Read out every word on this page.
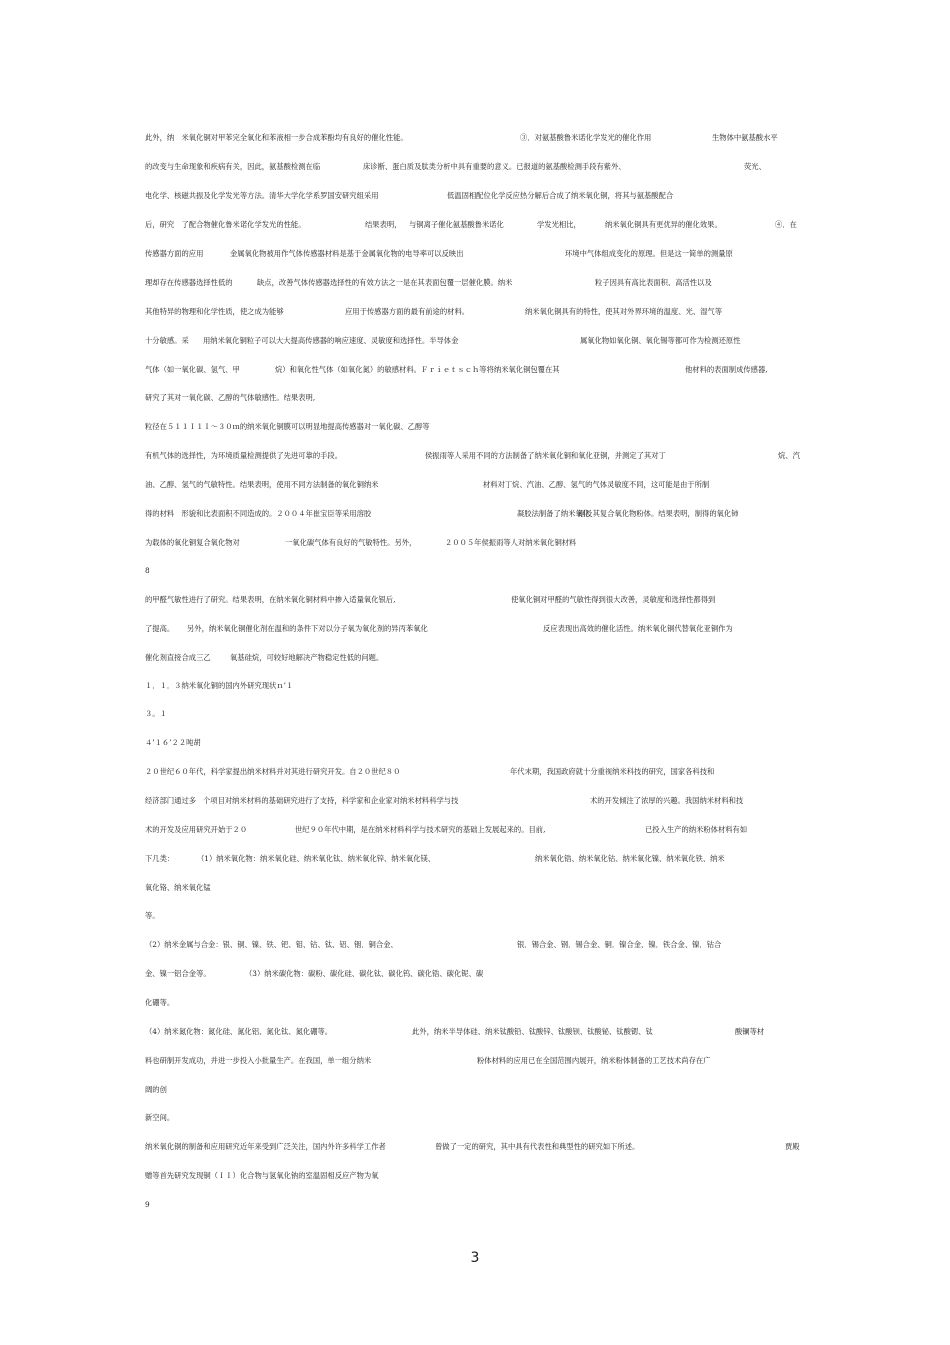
此外，纳　米氧化铜对甲苯完全氧化和苯液相一步合成苯酚均有良好的催化性能。	③．对氨基酸鲁米诺化学发光的催化作用	生物体中氨基酸水平
的改变与生命现象和疾病有关，因此，氨基酸检测在临	床诊断、蛋白质及肽类分析中具有重要的意义。已报道的氨基酸检测手段有紫外、	荧光、
电化学、核磁共振及化学发光等方法。清华大学化学系罗国安研究组采用	低温固相配位化学反应热分解后合成了纳米氧化铜，将其与氨基酸配合
后，研究　了配合物催化鲁米诺化学发光的性能。	结果表明， 与铜离子催化氨基酸鲁米诺化	学发光相比，	纳米氧化铜具有更优异的催化效果。	④．在
传感器方面的应用	金属氧化物被用作气体传感器材料是基于金属氧化物的电导率可以反映出	环境中气体组成变化的原理。但是这一简单的测量原
理却存在传感器选择性低的	缺点，改善气体传感器选择性的有效方法之一是在其表面包覆一层催化膜。纳米	粒子因具有高比表面积、高活性以及
其他特异的物理和化学性质，使之成为能够	应用于传感器方面的最有前途的材料。	纳米氧化铜具有的特性，使其对外界环境的温度、光、湿气等
十分敏感。采 用纳米氧化铜粒子可以大大提高传感器的响应速度、灵敏度和选择性。半导体金	属氧化物如氧化铜、氧化锡等都可作为检测还原性
气体（如一氧化碳、氢气、甲	烷）和氧化性气体（如氧化氮）的敏感材料。Ｆｒｉｅｔｓｃｈ等将纳米氧化铜包覆在其	他材料的表面制成传感器,
研究了其对一氧化碳、乙醇的气体敏感性。结果表明,
粒径在５１１Ｉ１Ｉ～３０ｍ的纳米氧化铜膜可以明显地提高传感器对一氧化碳、乙醇等
有机气体的选择性，为环境质量检测提供了先进可靠的手段。	侯振雨等人采用不同的方法制备了纳米氧化铜和氧化亚铜，并测定了其对丁	烷、汽
油、乙醇、氢气的气敏特性。结果表明，使用不同方法制备的氧化铜纳米	材料对丁烷、汽油、乙醇、氢气的气体灵敏度不同，这可能是由于所制
得的材料　形貌和比表面积不同造成的。２００４年崔宝臣等采用溶胶	凝胶法制备了纳米氧化
铜及其复合氧化物粉体。结果表明，制得的氧化铈
为载体的氧化铜复合氧化物对	一氧化碳气体有良好的气敏特性。另外，	２００５年侯振雨等人对纳米氧化铜材料
8
的甲醛气敏性进行了研究。结果表明，在纳米氧化铜材料中掺入适量氧化银后,	使氧化铜对甲醛的气敏性得到很大改善，灵敏度和选择性都得到
了提高。 另外，纳米氧化铜催化剂在温和的条件下对以分子氧为氧化剂的异丙苯氧化	反应表现出高效的催化活性。纳米氧化铜代替氧化亚铜作为
催化剂直接合成三乙	氧基硅烷，可较好地解决产物稳定性低的问题。
１．１．３纳米氧化铜的国内外研究现状ｎ’１
３。１
４’１６’２２吨胡
２０世纪６０年代，科学家提出纳米材料并对其进行研究开发。自２０世纪８０	年代末期，我国政府就十分重视纳米科技的研究，国家各科技和
经济部门通过多 个项目对纳米材料的基础研究进行了支持，科学家和企业家对纳米材料科学与技	术的开发倾注了浓厚的兴趣。我国纳米材料和技
术的开发及应用研究开始于２０	世纪９０年代中期，是在纳米材料科学与技术研究的基础上发展起来的。目前,	已投入生产的纳米粉体材料有如
下几类：	（1）纳米氧化物：纳米氧化硅、纳米氧化钛、纳米氧化锌、纳米氧化镁、	纳米氧化锆、纳米氧化钴、纳米氧化镍、纳米氧化铁、纳米
氧化铬、纳米氧化锰
等。
（2）纳米金属与合金：银、铜、镍、铁、钯、钼、钴、钛、铝、铟．铜合金、	银．锡合金、钢．锡合金、铜．镍合金、镍．铁合金、镍．钴合
金、镍一铝合金等。	（3）纳米碳化物：碳粉、碳化硅、碳化钛、碳化钨、碳化锆、碳化铌、碳
化硼等。
（4）纳米氮化物：氮化硅、氮化铝、氮化钛、氮化硼等。	此外，纳米半导体硅、纳米钛酸铅、钛酸锌、钛酸钡、钛酸铋、钛酸锶、钛	酸镧等材
料也研制开发成功，并进一步投入小批量生产。在我国，单一组分纳米	粉体材料的应用已在全国范围内展开，纳米粉体制备的工艺技术尚存在广
阔的创
新空间。
纳米氧化铜的制备和应用研究近年来受到广泛关注，国内外许多科学工作者	曾做了一定的研究，其中具有代表性和典型性的研究如下所述。	贾殿
赠等首先研究发现铜（ＩＩ）化合物与氢氧化钠的室温固相反应产物为氧
9
3
